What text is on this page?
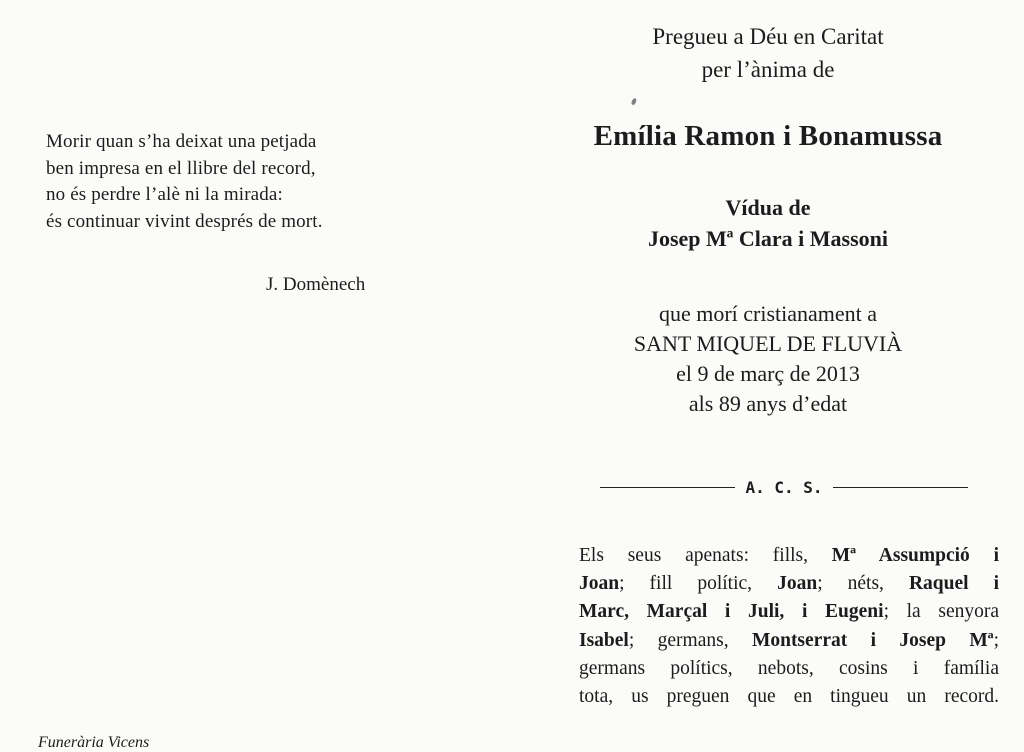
Morir quan s’ha deixat una petjada
ben impresa en el llibre del record,
no és perdre l’alè ni la mirada:
és continuar vivint després de mort.
J. Domènech
Funerària Vicens
Pregueu a Déu en Caritat
per l’ànima de
Emília Ramon i Bonamussa
Vídua de
Josep Mª Clara i Massoni
que morí cristianament a
SANT MIQUEL DE FLUVIÀ
el 9 de març de 2013
als 89 anys d’edat
A. C. S.
Els seus apenats: fills, Mª Assumpció i
Joan; fill polític, Joan; néts, Raquel i
Marc, Marçal i Juli, i Eugeni; la senyora
Isabel; germans, Montserrat i Josep Mª;
germans polítics, nebots, cosins i família
tota, us preguen que en tingueu un record.
